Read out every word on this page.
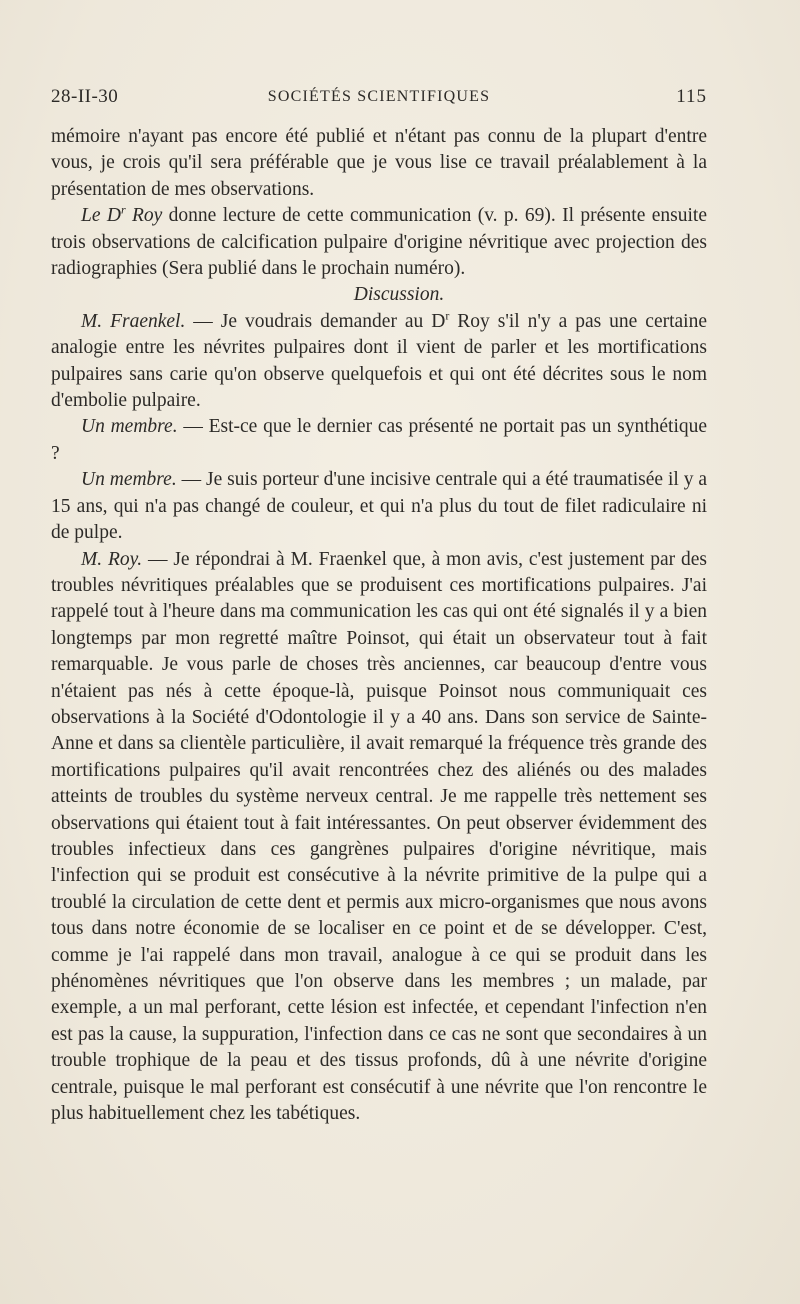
28-II-30	SOCIÉTÉS SCIENTIFIQUES	115

mémoire n'ayant pas encore été publié et n'étant pas connu de la plupart d'entre vous, je crois qu'il sera préférable que je vous lise ce travail préalablement à la présentation de mes observations.

Le $D^r$ Roy donne lecture de cette communication (v. p. 69). Il présente ensuite trois observations de calcification pulpaire d'origine névritique avec projection des radiographies (Sera publié dans le prochain numéro).

Discussion.

M. Fraenkel. — Je voudrais demander au $D^r$ Roy s'il n'y a pas une certaine analogie entre les névrites pulpaires dont il vient de parler et les mortifications pulpaires sans carie qu'on observe quelquefois et qui ont été décrites sous le nom d'embolie pulpaire.

Un membre. — Est-ce que le dernier cas présenté ne portait pas un synthétique ?

Un membre. — Je suis porteur d'une incisive centrale qui a été traumatisée il y a 15 ans, qui n'a pas changé de couleur, et qui n'a plus du tout de filet radiculaire ni de pulpe.

M. Roy. — Je répondrai à M. Fraenkel que, à mon avis, c'est justement par des troubles névritiques préalables que se produisent ces mortifications pulpaires. J'ai rappelé tout à l'heure dans ma communication les cas qui ont été signalés il y a bien longtemps par mon regretté maître Poinsot, qui était un observateur tout à fait remarquable. Je vous parle de choses très anciennes, car beaucoup d'entre vous n'étaient pas nés à cette époque-là, puisque Poinsot nous communiquait ces observations à la Société d'Odontologie il y a 40 ans. Dans son service de Sainte-Anne et dans sa clientèle particulière, il avait remarqué la fréquence très grande des mortifications pulpaires qu'il avait rencontrées chez des aliénés ou des malades atteints de troubles du système nerveux central. Je me rappelle très nettement ses observations qui étaient tout à fait intéressantes. On peut observer évidemment des troubles infectieux dans ces gangrènes pulpaires d'origine névritique, mais l'infection qui se produit est consécutive à la névrite primitive de la pulpe qui a troublé la circulation de cette dent et permis aux micro-organismes que nous avons tous dans notre économie de se localiser en ce point et de se développer. C'est, comme je l'ai rappelé dans mon travail, analogue à ce qui se produit dans les phénomènes névritiques que l'on observe dans les membres ; un malade, par exemple, a un mal perforant, cette lésion est infectée, et cependant l'infection n'en est pas la cause, la suppuration, l'infection dans ce cas ne sont que secondaires à un trouble trophique de la peau et des tissus profonds, dû à une névrite d'origine centrale, puisque le mal perforant est consécutif à une névrite que l'on rencontre le plus habituellement chez les tabétiques.
